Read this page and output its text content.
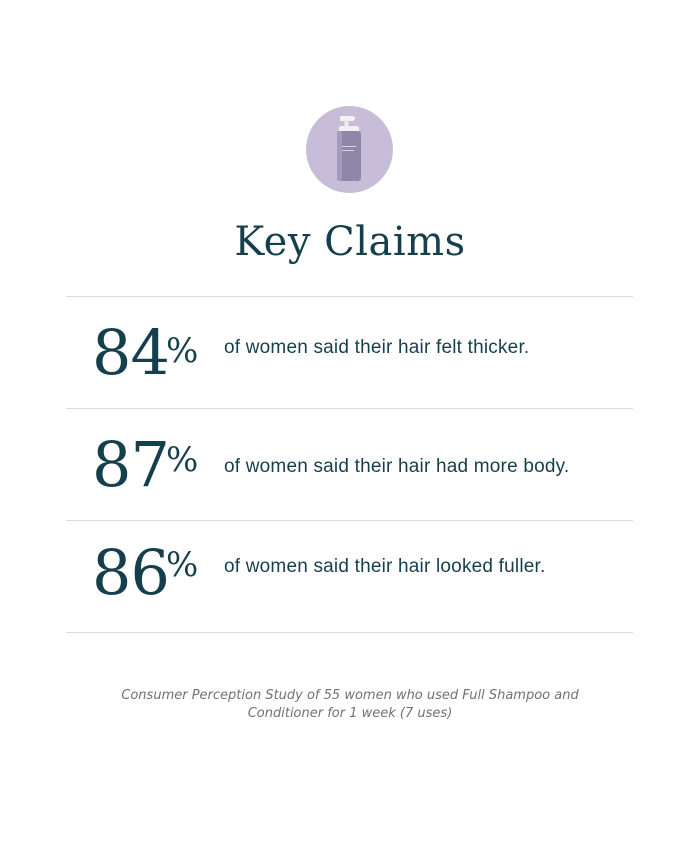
Key Claims
84
% of women said their hair felt thicker.
87
% of women said their hair had more body.
86
% of women said their hair looked fuller.
Consumer Perception Study of 55 women who used Full Shampoo and
Conditioner for 1 week (7 uses)
